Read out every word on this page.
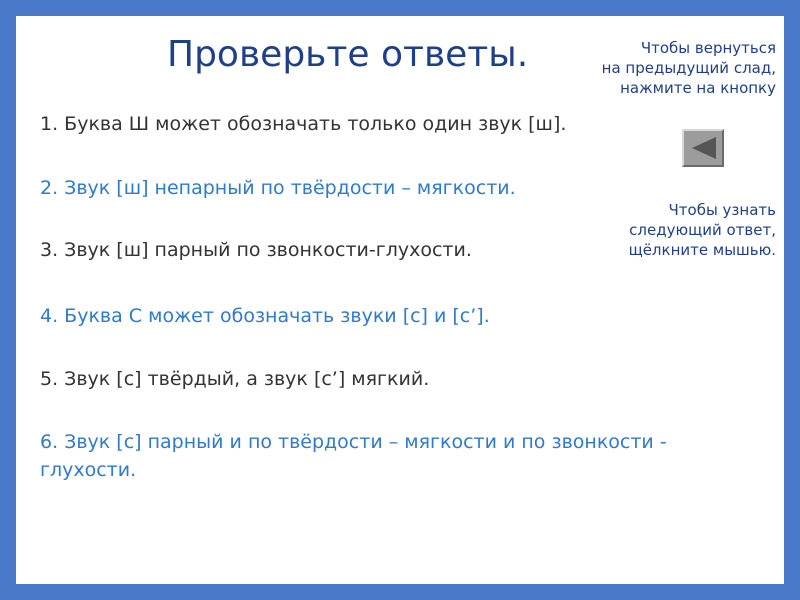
Проверьте ответы.	Чтобы вернуться
на предыдущий слад,
нажмите на кнопку
Чтобы узнать
следующий ответ,
щёлкните мышью.
1. Буква Ш может обозначать только один звук [ш].
2. Звук [ш] непарный по твёрдости – мягкости.
3. Звук [ш] парный по звонкости-глухости.
4. Буква С может обозначать звуки [с] и [с’].
5. Звук [с] твёрдый, а звук [с’] мягкий.
6. Звук [с] парный и по твёрдости – мягкости и по звонкости -
глухости.
